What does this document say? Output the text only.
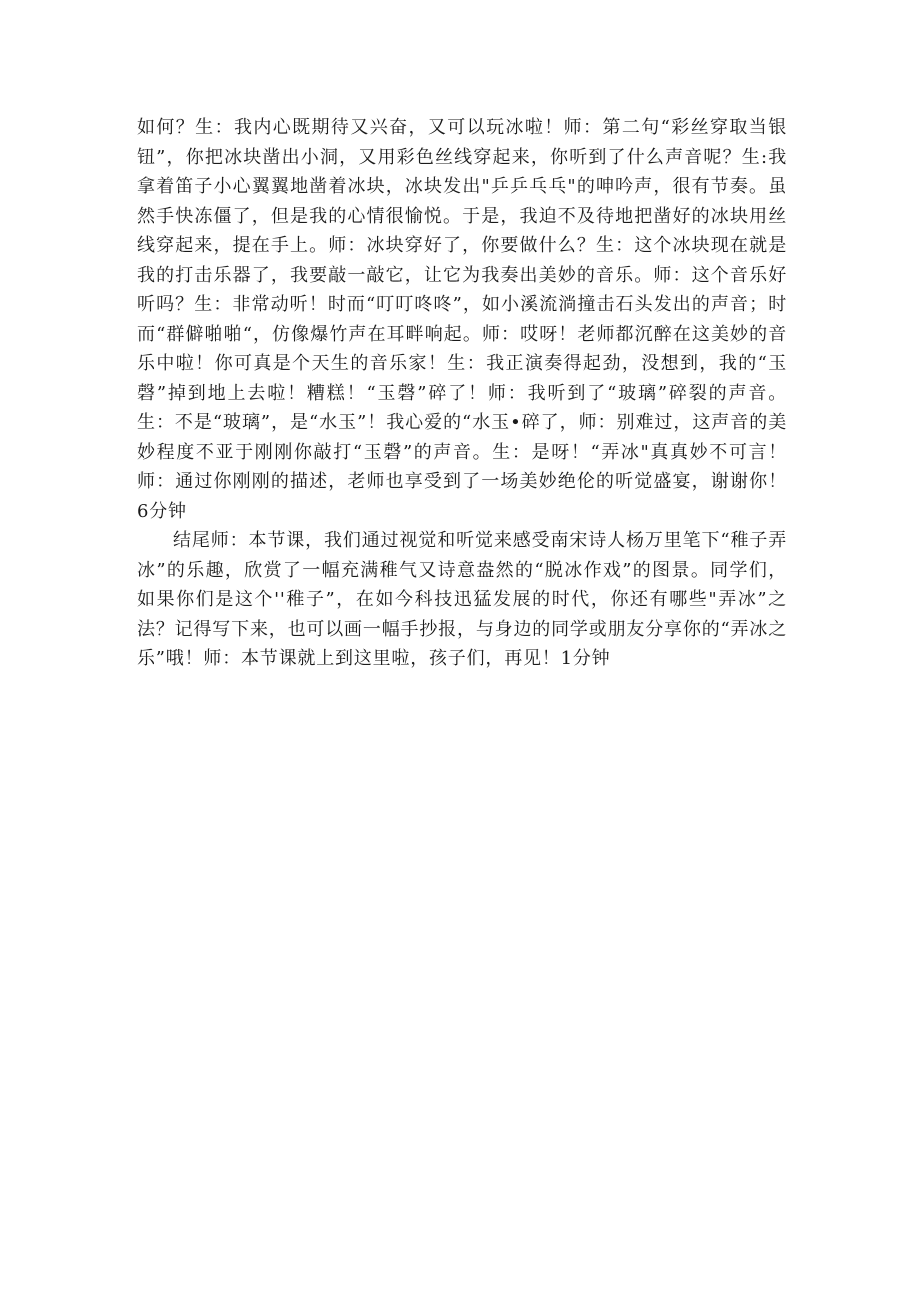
如何？生：我内心既期待又兴奋，又可以玩冰啦！师：第二句“彩丝穿取当银钮”，你把冰块凿出小洞，又用彩色丝线穿起来，你听到了什么声音呢？生:我拿着笛子小心翼翼地凿着冰块，冰块发出"乒乒乓乓"的呻吟声，很有节奏。虽然手快冻僵了，但是我的心情很愉悦。于是，我迫不及待地把凿好的冰块用丝线穿起来，提在手上。师：冰块穿好了，你要做什么？生：这个冰块现在就是我的打击乐器了，我要敲一敲它，让它为我奏出美妙的音乐。师：这个音乐好听吗？生：非常动听！时而“叮叮咚咚”，如小溪流淌撞击石头发出的声音；时而“群僻啪啪“，仿像爆竹声在耳畔响起。师：哎呀！老师都沉醉在这美妙的音乐中啦！你可真是个天生的音乐家！生：我正演奏得起劲，没想到，我的“玉磬”掉到地上去啦！糟糕！“玉磬”碎了！师：我听到了“玻璃”碎裂的声音。生：不是“玻璃”，是“水玉”！我心爱的“水玉•碎了，师：别难过，这声音的美妙程度不亚于刚刚你敲打“玉磬”的声音。生：是呀！“弄冰"真真妙不可言！师：通过你刚刚的描述，老师也享受到了一场美妙绝伦的听觉盛宴，谢谢你！6分钟

结尾师：本节课，我们通过视觉和听觉来感受南宋诗人杨万里笔下“稚子弄冰”的乐趣，欣赏了一幅充满稚气又诗意盎然的“脱冰作戏”的图景。同学们，如果你们是这个''稚子”，在如今科技迅猛发展的时代，你还有哪些"弄冰”之法？记得写下来，也可以画一幅手抄报，与身边的同学或朋友分享你的“弄冰之乐”哦！师：本节课就上到这里啦，孩子们，再见！1分钟
